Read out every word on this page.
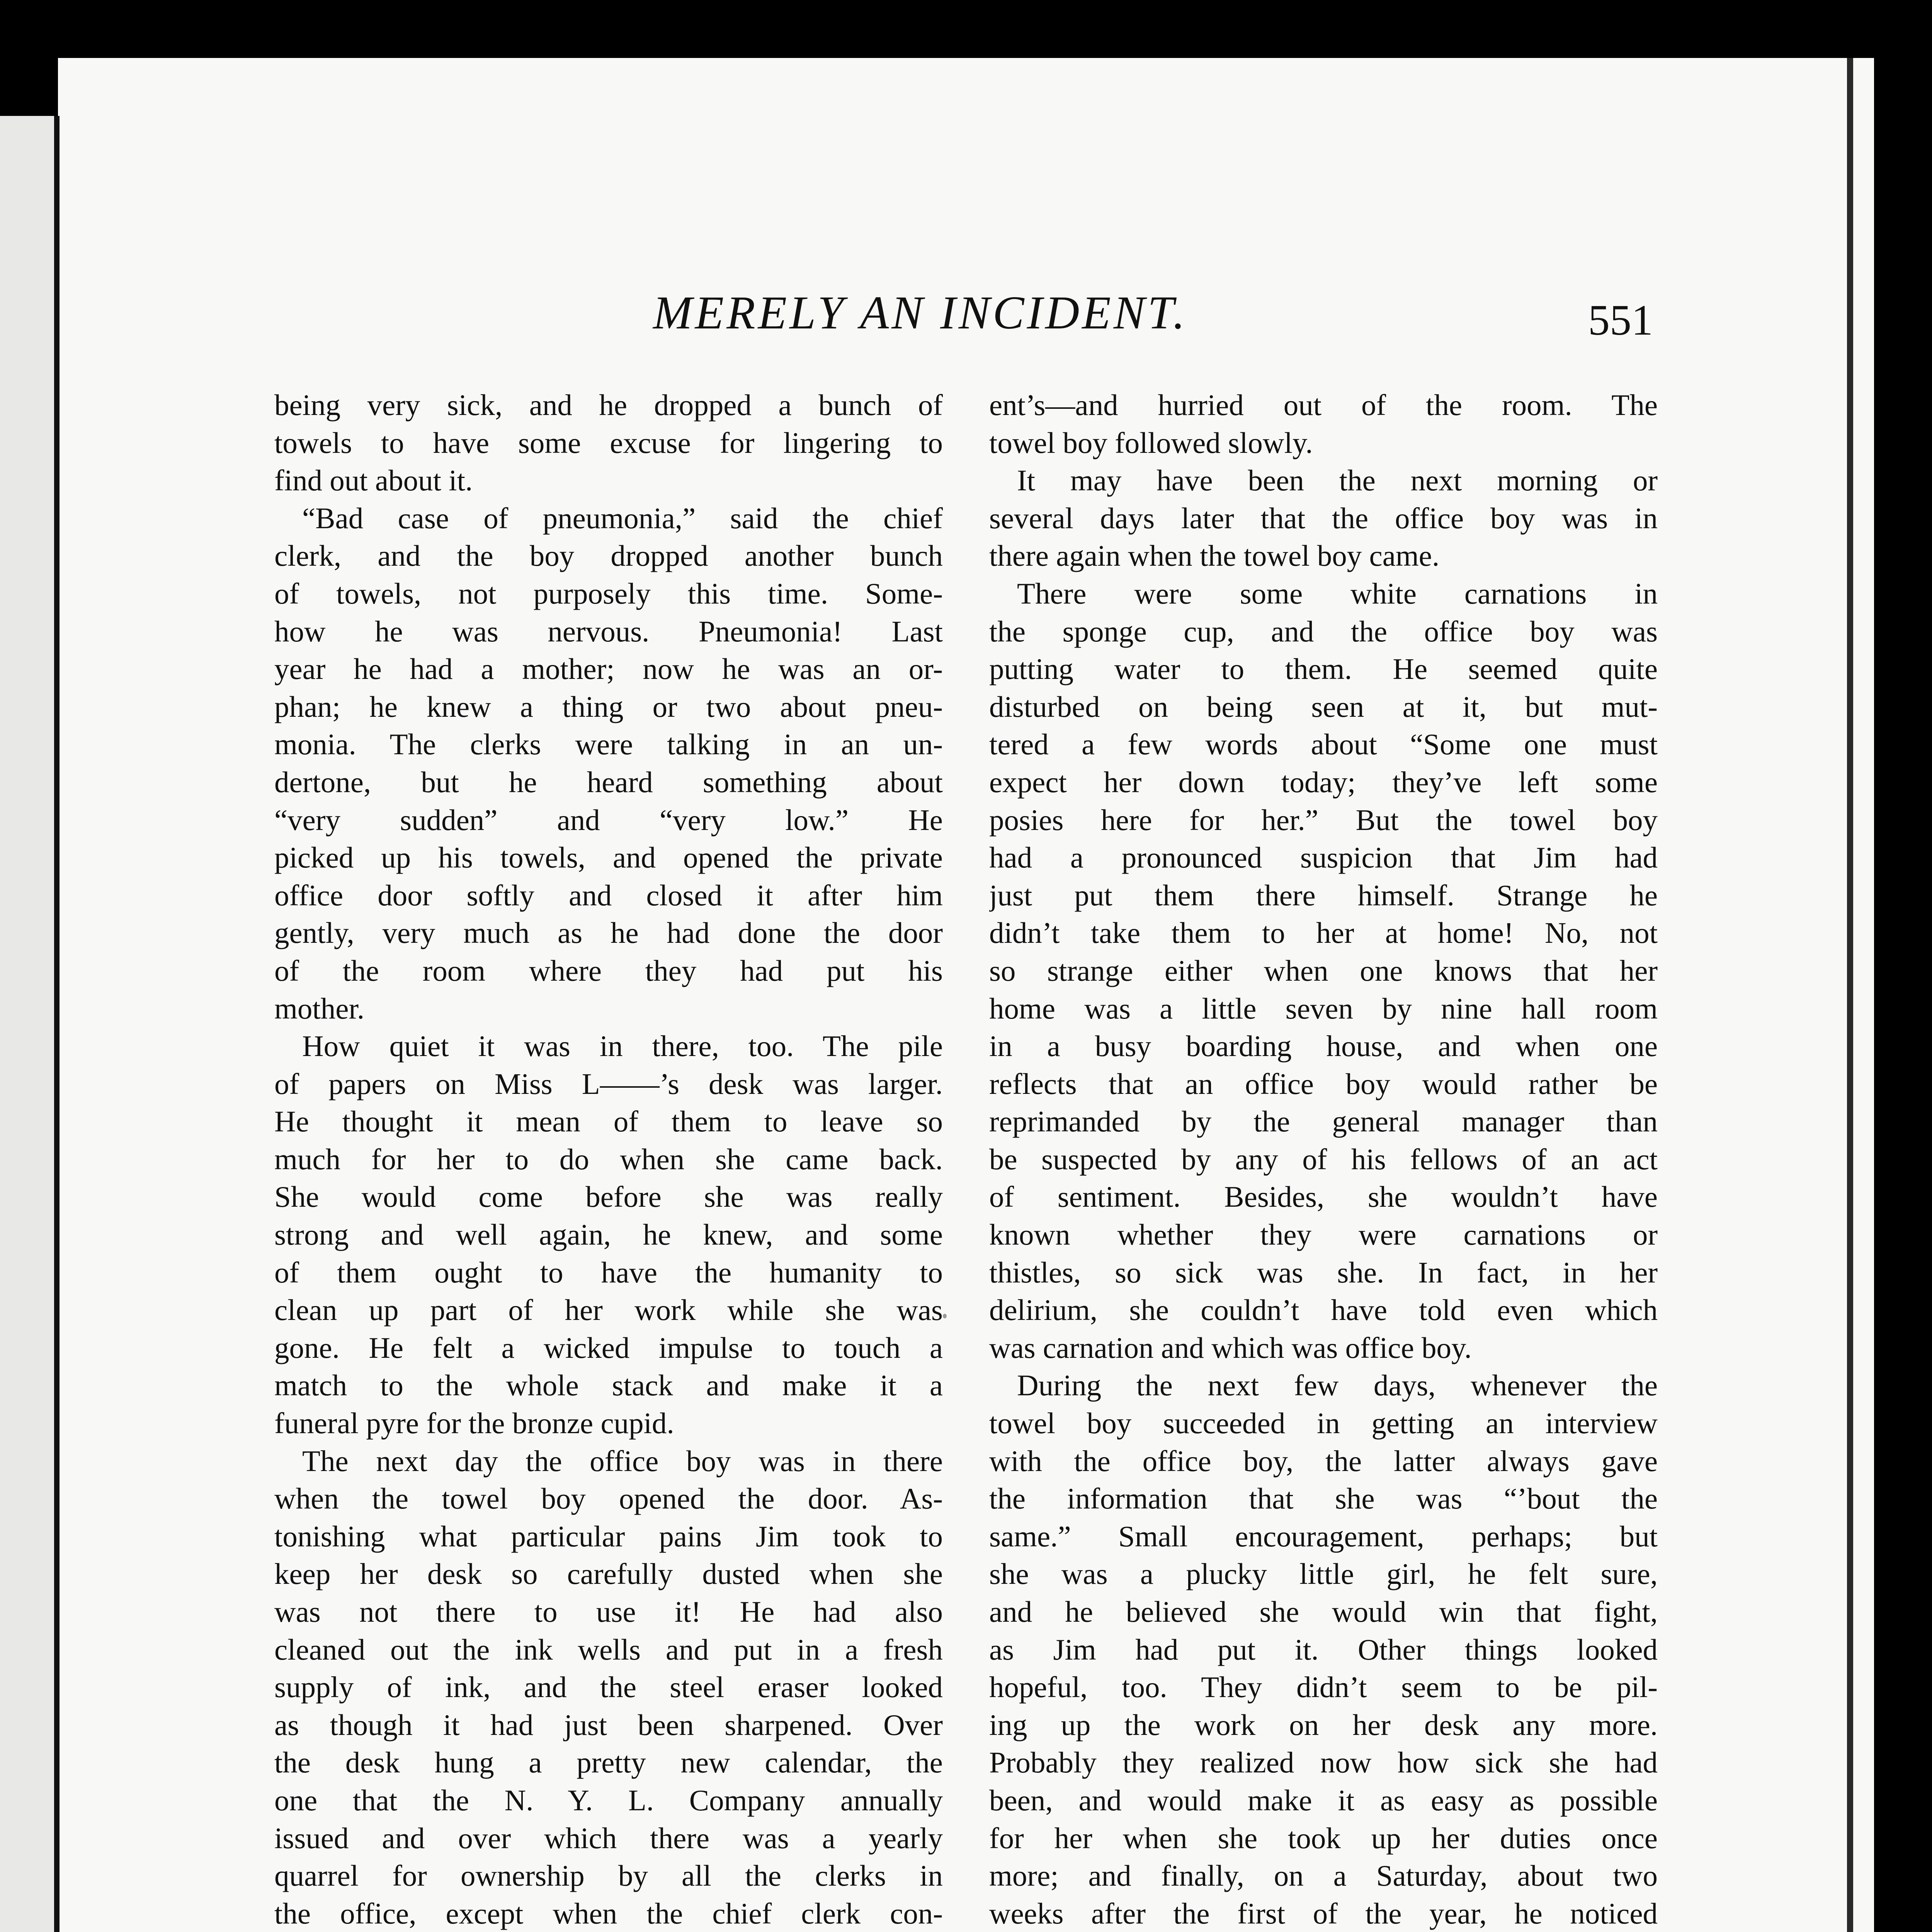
MERELY AN INCIDENT.	551
being very sick, and he dropped a bunch of
towels to have some excuse for lingering to
find out about it.
“Bad case of pneumonia,” said the chief
clerk, and the boy dropped another bunch
of towels, not purposely this time. Some-
how he was nervous. Pneumonia! Last
year he had a mother; now he was an or-
phan; he knew a thing or two about pneu-
monia. The clerks were talking in an un-
dertone, but he heard something about
“very sudden” and “very low.” He
picked up his towels, and opened the private
office door softly and closed it after him
gently, very much as he had done the door
of the room where they had put his
mother.
How quiet it was in there, too. The pile
of papers on Miss L——’s desk was larger.
He thought it mean of them to leave so
much for her to do when she came back.
She would come before she was really
strong and well again, he knew, and some
of them ought to have the humanity to
clean up part of her work while she was
gone. He felt a wicked impulse to touch a
match to the whole stack and make it a
funeral pyre for the bronze cupid.
The next day the office boy was in there
when the towel boy opened the door. As-
tonishing what particular pains Jim took to
keep her desk so carefully dusted when she
was not there to use it! He had also
cleaned out the ink wells and put in a fresh
supply of ink, and the steel eraser looked
as though it had just been sharpened. Over
the desk hung a pretty new calendar, the
one that the N. Y. L. Company annually
issued and over which there was a yearly
quarrel for ownership by all the clerks in
the office, except when the chief clerk con-
ent’s—and hurried out of the room. The
towel boy followed slowly.
It may have been the next morning or
several days later that the office boy was in
there again when the towel boy came.
There were some white carnations in
the sponge cup, and the office boy was
putting water to them. He seemed quite
disturbed on being seen at it, but mut-
tered a few words about “Some one must
expect her down today; they’ve left some
posies here for her.” But the towel boy
had a pronounced suspicion that Jim had
just put them there himself. Strange he
didn’t take them to her at home! No, not
so strange either when one knows that her
home was a little seven by nine hall room
in a busy boarding house, and when one
reflects that an office boy would rather be
reprimanded by the general manager than
be suspected by any of his fellows of an act
of sentiment. Besides, she wouldn’t have
known whether they were carnations or
thistles, so sick was she. In fact, in her
delirium, she couldn’t have told even which
was carnation and which was office boy.
During the next few days, whenever the
towel boy succeeded in getting an interview
with the office boy, the latter always gave
the information that she was “’bout the
same.” Small encouragement, perhaps; but
she was a plucky little girl, he felt sure,
and he believed she would win that fight,
as Jim had put it. Other things looked
hopeful, too. They didn’t seem to be pil-
ing up the work on her desk any more.
Probably they realized now how sick she had
been, and would make it as easy as possible
for her when she took up her duties once
more; and finally, on a Saturday, about two
weeks after the first of the year, he noticed
